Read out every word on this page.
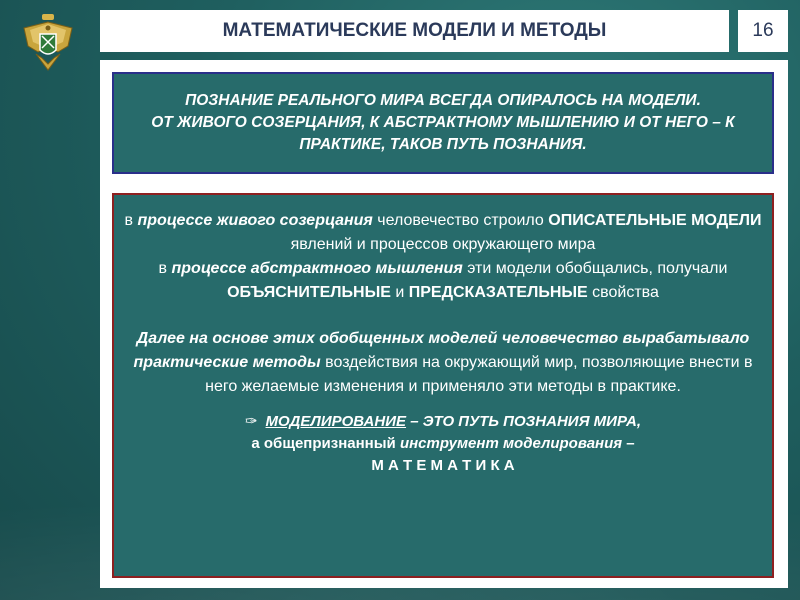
МАТЕМАТИЧЕСКИЕ МОДЕЛИ И МЕТОДЫ	16
ПОЗНАНИЕ РЕАЛЬНОГО МИРА ВСЕГДА ОПИРАЛОСЬ НА МОДЕЛИ.
ОТ ЖИВОГО СОЗЕРЦАНИЯ, К АБСТРАКТНОМУ МЫШЛЕНИЮ И ОТ НЕГО – К ПРАКТИКЕ, ТАКОВ ПУТЬ ПОЗНАНИЯ.

в процессе живого созерцания человечество строило ОПИСАТЕЛЬНЫЕ МОДЕЛИ явлений и процессов окружающего мира

в процессе абстрактного мышления эти модели обобщались, получали ОБЪЯСНИТЕЛЬНЫЕ и ПРЕДСКАЗАТЕЛЬНЫЕ свойства

Далее на основе этих обобщенных моделей человечество вырабатывало практические методы воздействия на окружающий мир, позволяющие внести в него желаемые изменения и применяло эти методы в практике.

✑ МОДЕЛИРОВАНИЕ – ЭТО ПУТЬ ПОЗНАНИЯ МИРА,
а общепризнанный инструмент моделирования –
М А Т Е М А Т И К А
